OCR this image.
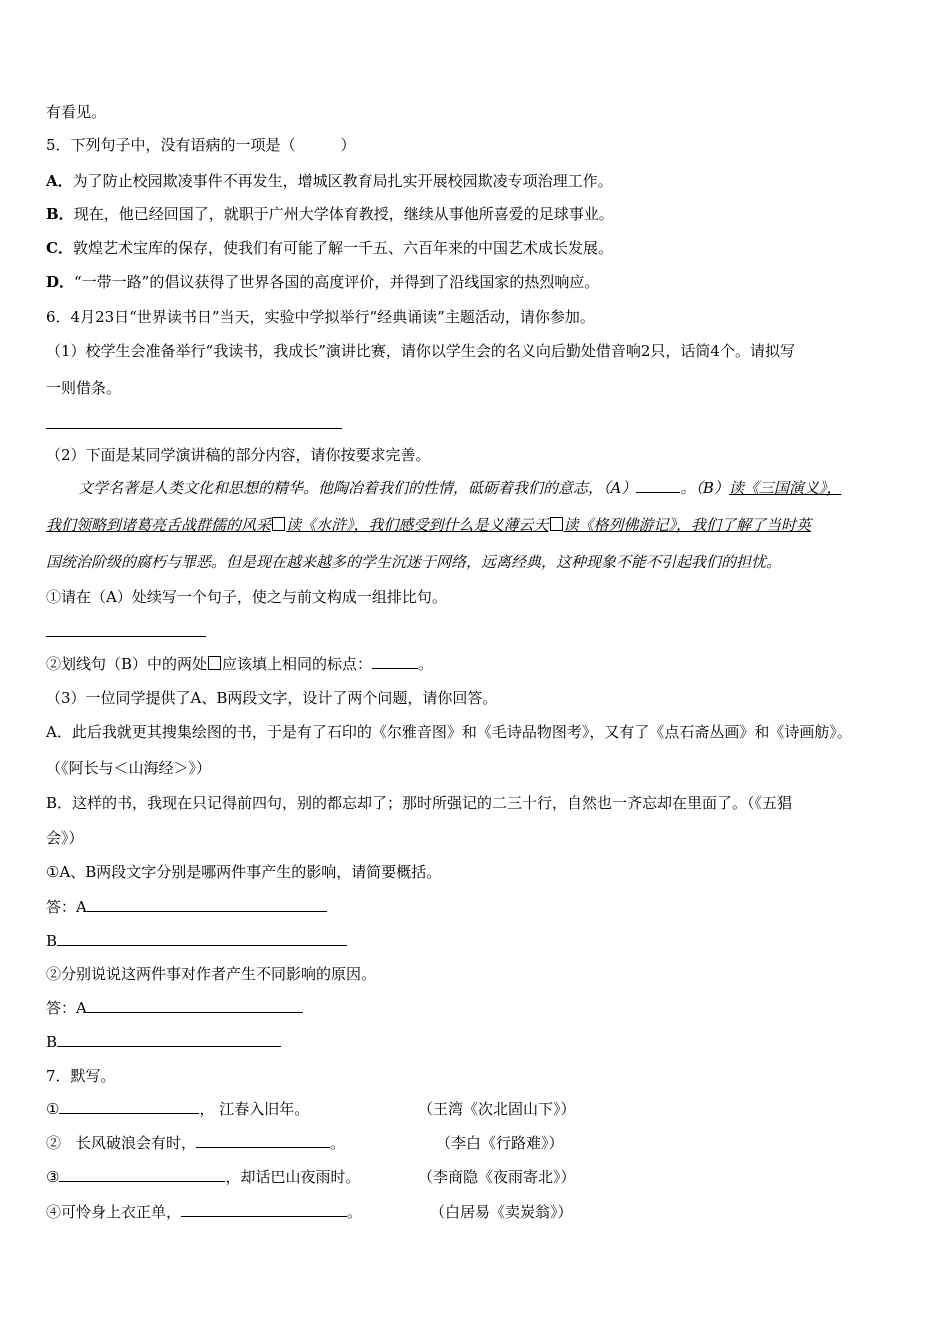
有看见。
5．下列句子中，没有语病的一项是（　　　）
A．为了防止校园欺凌事件不再发生，增城区教育局扎实开展校园欺凌专项治理工作。
B．现在，他已经回国了，就职于广州大学体育教授，继续从事他所喜爱的足球事业。
C．敦煌艺术宝库的保存，使我们有可能了解一千五、六百年来的中国艺术成长发展。
D．“一带一路”的倡议获得了世界各国的高度评价，并得到了沿线国家的热烈响应。
6．4月23日“世界读书日”当天，实验中学拟举行“经典诵读”主题活动，请你参加。
（1）校学生会准备举行“我读书，我成长”演讲比赛，请你以学生会的名义向后勤处借音响2只，话筒4个。请拟写
一则借条。
（2）下面是某同学演讲稿的部分内容，请你按要求完善。
文学名著是人类文化和思想的精华。他陶冶着我们的性情，砥砺着我们的意志，（A）	。（B）读《三国演义》，
我们领略到诸葛亮舌战群儒的风采 读《水浒》，我们感受到什么是义薄云天 读《格列佛游记》，我们了解了当时英
国统治阶级的腐朽与罪恶。但是现在越来越多的学生沉迷于网络，远离经典，这种现象不能不引起我们的担忧。
①请在（A）处续写一个句子，使之与前文构成一组排比句。
②划线句（B）中的两处 应该填上相同的标点：	。
（3）一位同学提供了A、B两段文字，设计了两个问题，请你回答。
A．此后我就更其搜集绘图的书，于是有了石印的《尔雅音图》和《毛诗品物图考》，又有了《点石斋丛画》和《诗画舫》。
（《阿长与＜山海经＞》）
B．这样的书，我现在只记得前四句，别的都忘却了；那时所强记的二三十行，自然也一齐忘却在里面了。（《五猖
会》）
①A、B两段文字分别是哪两件事产生的影响，请简要概括。
答：A
B
②分别说说这两件事对作者产生不同影响的原因。
答：A
B
7．默写。
①	， 江春入旧年。	（王湾《次北固山下》）
②　长风破浪会有时，	。	（李白《行路难》）
③	，却话巴山夜雨时。	（李商隐《夜雨寄北》）
④可怜身上衣正单，	。	（白居易《卖炭翁》）
